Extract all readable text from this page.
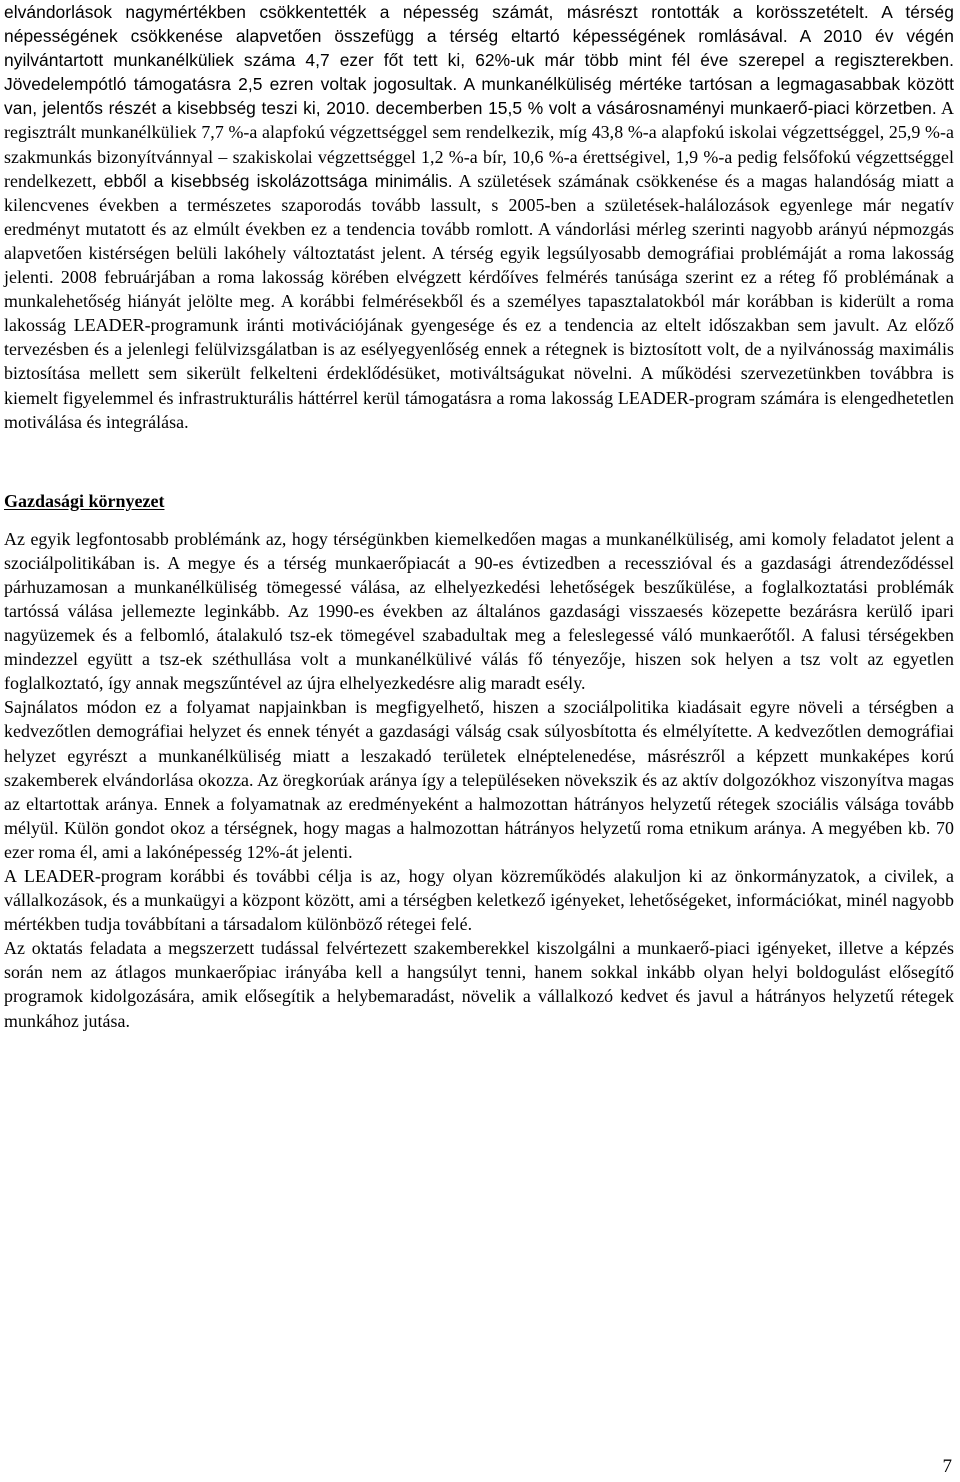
elvándorlások nagymértékben csökkentették a népesség számát, másrészt rontották a korösszetételt. A térség népességének csökkenése alapvetően összefügg a térség eltartó képességének romlásával. A 2010 év végén nyilvántartott munkanélküliek száma 4,7 ezer főt tett ki, 62%-uk már több mint fél éve szerepel a regiszterekben. Jövedelempótló támogatásra 2,5 ezren voltak jogosultak. A munkanélküliség mértéke tartósan a legmagasabbak között van, jelentős részét a kisebbség teszi ki, 2010. decemberben 15,5 % volt a vásárosnaményi munkaerő-piaci körzetben. A regisztrált munkanélküliek 7,7 %-a alapfokú végzettséggel sem rendelkezik, míg 43,8 %-a alapfokú iskolai végzettséggel, 25,9 %-a szakmunkás bizonyítvánnyal – szakiskolai végzettséggel 1,2 %-a bír, 10,6 %-a érettségivel, 1,9 %-a pedig felsőfokú végzettséggel rendelkezett, ebből a kisebbség iskolázottsága minimális. A születések számának csökkenése és a magas halandóság miatt a kilencvenes években a természetes szaporodás tovább lassult, s 2005-ben a születések-halálozások egyenlege már negatív eredményt mutatott és az elmúlt években ez a tendencia tovább romlott. A vándorlási mérleg szerinti nagyobb arányú népmozgás alapvetően kistérségen belüli lakóhely változtatást jelent. A térség egyik legsúlyosabb demográfiai problémáját a roma lakosság jelenti. 2008 februárjában a roma lakosság körében elvégzett kérdőíves felmérés tanúsága szerint ez a réteg fő problémának a munkalehetőség hiányát jelölte meg. A korábbi felmérésekből és a személyes tapasztalatokból már korábban is kiderült a roma lakosság LEADER-programunk iránti motivációjának gyengesége és ez a tendencia az eltelt időszakban sem javult. Az előző tervezésben és a jelenlegi felülvizsgálatban is az esélyegyenlőség ennek a rétegnek is biztosított volt, de a nyilvánosság maximális biztosítása mellett sem sikerült felkelteni érdeklődésüket, motiváltságukat növelni. A működési szervezetünkben továbbra is kiemelt figyelemmel és infrastrukturális háttérrel kerül támogatásra a roma lakosság LEADER-program számára is elengedhetetlen motiválása és integrálása.

Gazdasági környezet

Az egyik legfontosabb problémánk az, hogy térségünkben kiemelkedően magas a munkanélküliség, ami komoly feladatot jelent a szociálpolitikában is. A megye és a térség munkaerőpiacát a 90-es évtizedben a recesszióval és a gazdasági átrendeződéssel párhuzamosan a munkanélküliség tömegessé válása, az elhelyezkedési lehetőségek beszűkülése, a foglalkoztatási problémák tartóssá válása jellemezte leginkább. Az 1990-es években az általános gazdasági visszaesés közepette bezárásra kerülő ipari nagyüzemek és a felbomló, átalakuló tsz-ek tömegével szabadultak meg a feleslegessé váló munkaerőtől. A falusi térségekben mindezzel együtt a tsz-ek széthullása volt a munkanélkülivé válás fő tényezője, hiszen sok helyen a tsz volt az egyetlen foglalkoztató, így annak megszűntével az újra elhelyezkedésre alig maradt esély.

Sajnálatos módon ez a folyamat napjainkban is megfigyelhető, hiszen a szociálpolitika kiadásait egyre növeli a térségben a kedvezőtlen demográfiai helyzet és ennek tényét a gazdasági válság csak súlyosbította és elmélyítette. A kedvezőtlen demográfiai helyzet egyrészt a munkanélküliség miatt a leszakadó területek elnéptelenedése, másrészről a képzett munkaképes korú szakemberek elvándorlása okozza. Az öregkorúak aránya így a településeken növekszik és az aktív dolgozókhoz viszonyítva magas az eltartottak aránya. Ennek a folyamatnak az eredményeként a halmozottan hátrányos helyzetű rétegek szociális válsága tovább mélyül. Külön gondot okoz a térségnek, hogy magas a halmozottan hátrányos helyzetű roma etnikum aránya. A megyében kb. 70 ezer roma él, ami a lakónépesség 12%-át jelenti.

A LEADER-program korábbi és további célja is az, hogy olyan közreműködés alakuljon ki az önkormányzatok, a civilek, a vállalkozások, és a munkaügyi a központ között, ami a térségben keletkező igényeket, lehetőségeket, információkat, minél nagyobb mértékben tudja továbbítani a társadalom különböző rétegei felé.

Az oktatás feladata a megszerzett tudással felvértezett szakemberekkel kiszolgálni a munkaerő-piaci igényeket, illetve a képzés során nem az átlagos munkaerőpiac irányába kell a hangsúlyt tenni, hanem sokkal inkább olyan helyi boldogulást elősegítő programok kidolgozására, amik elősegítik a helybemaradást, növelik a vállalkozó kedvet és javul a hátrányos helyzetű rétegek munkához jutása.

7
